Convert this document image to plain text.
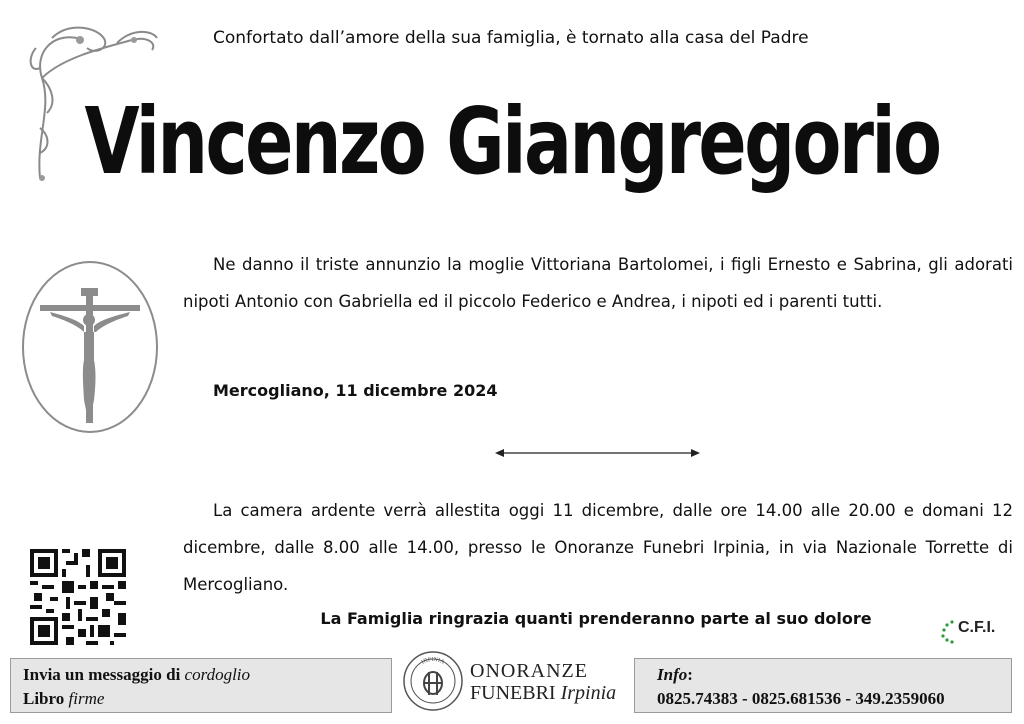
Confortato dall’amore della sua famiglia, è tornato alla casa del Padre
Vincenzo Giangregorio

Ne danno il triste annunzio la moglie Vittoriana Bartolomei, i figli Ernesto e Sabrina, gli adorati nipoti Antonio con Gabriella ed il piccolo Federico e Andrea, i nipoti ed i parenti tutti.

Mercogliano, 11 dicembre 2024

La camera ardente verrà allestita oggi 11 dicembre, dalle ore 14.00 alle 20.00 e domani 12 dicembre, dalle 8.00 alle 14.00, presso le Onoranze Funebri Irpinia, in via Nazionale Torrette di Mercogliano.

La Famiglia ringrazia quanti prenderanno parte al suo dolore	C.F.I.
Invia un messaggio di cordoglio
Libro firme
IRPINIA ONORANZE
FUNEBRI Irpinia
Info:
0825.74383 - 0825.681536 - 349.2359060
